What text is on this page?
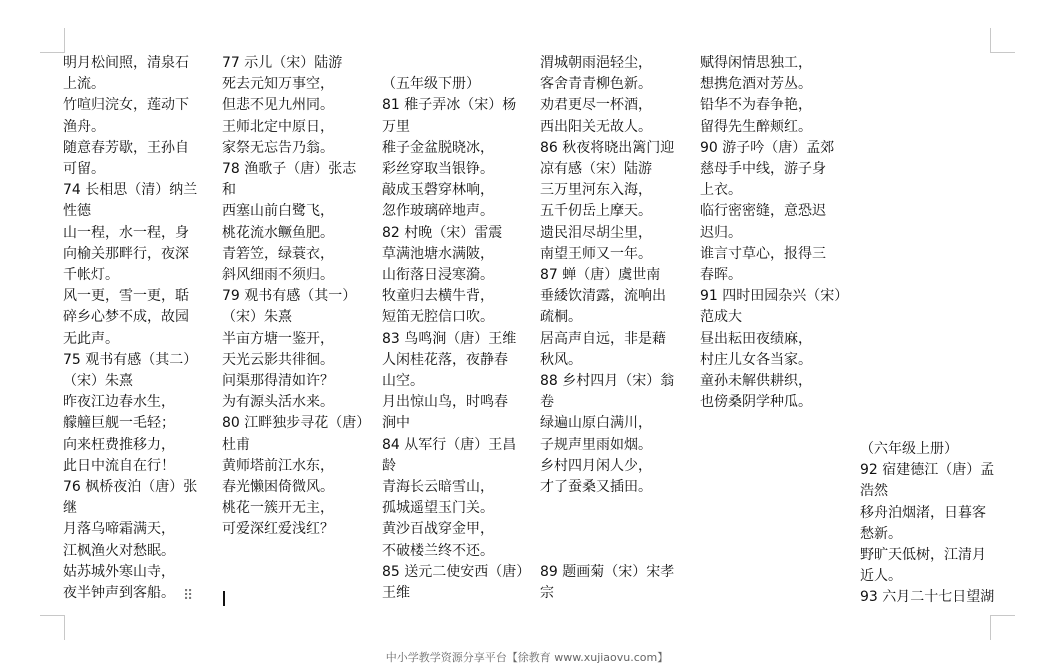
明月松间照，清泉石
上流。
竹喧归浣女，莲动下
渔舟。
随意春芳歇，王孙自
可留。
74 长相思（清）纳兰
性德
山一程，水一程，身
向榆关那畔行，夜深
千帐灯。
风一更，雪一更，聒
碎乡心梦不成，故园
无此声。
75 观书有感（其二）
（宋）朱熹
昨夜江边春水生，
艨艟巨舰一毛轻；
向来枉费推移力，
此日中流自在行！
76 枫桥夜泊（唐）张
继
月落乌啼霜满天，
江枫渔火对愁眠。
姑苏城外寒山寺，
夜半钟声到客船。
77 示儿（宋）陆游
死去元知万事空，
但悲不见九州同。
王师北定中原日，
家祭无忘告乃翁。
78 渔歌子（唐）张志
和
西塞山前白鹭飞，
桃花流水鳜鱼肥。
青箬笠，绿蓑衣，
斜风细雨不须归。
79 观书有感（其一）
（宋）朱熹
半亩方塘一鉴开，
天光云影共徘徊。
问渠那得清如许？
为有源头活水来。
80 江畔独步寻花（唐）
杜甫
黄师塔前江水东，
春光懒困倚微风。
桃花一簇开无主，
可爱深红爱浅红？

（五年级下册）
81 稚子弄冰（宋）杨
万里
稚子金盆脱晓冰，
彩丝穿取当银铮。
敲成玉磬穿林响，
忽作玻璃碎地声。
82 村晚（宋）雷震
草满池塘水满陂，
山衔落日浸寒漪。
牧童归去横牛背，
短笛无腔信口吹。
83 鸟鸣涧（唐）王维
人闲桂花落，夜静春
山空。
月出惊山鸟，时鸣春
涧中
84 从军行（唐）王昌
龄
青海长云暗雪山，
孤城遥望玉门关。
黄沙百战穿金甲，
不破楼兰终不还。
85 送元二使安西（唐）
王维
渭城朝雨浥轻尘，
客舍青青柳色新。
劝君更尽一杯酒，
西出阳关无故人。
86 秋夜将晓出篱门迎
凉有感（宋）陆游
三万里河东入海，
五千仞岳上摩天。
遗民泪尽胡尘里，
南望王师又一年。
87 蝉（唐）虞世南
垂緌饮清露，流响出
疏桐。
居高声自远，非是藉
秋风。
88 乡村四月（宋）翁
卷
绿遍山原白满川，
子规声里雨如烟。
乡村四月闲人少，
才了蚕桑又插田。

89 题画菊（宋）宋孝
宗
赋得闲情思独工，
想携危酒对芳丛。
铅华不为春争艳，
留得先生醉颊红。
90 游子吟（唐）孟郊
慈母手中线，游子身
上衣。
临行密密缝，意恐迟
迟归。
谁言寸草心，报得三
春晖。
91 四时田园杂兴（宋）
范成大
昼出耘田夜绩麻，
村庄儿女各当家。
童孙未解供耕织，
也傍桑阴学种瓜。
（六年级上册）
92 宿建德江（唐）孟
浩然
移舟泊烟渚，日暮客
愁新。
野旷天低树，江清月
近人。
93 六月二十七日望湖
⠿
中小学教学资源分享平台【徐教育 www.xujiaovu.com】
